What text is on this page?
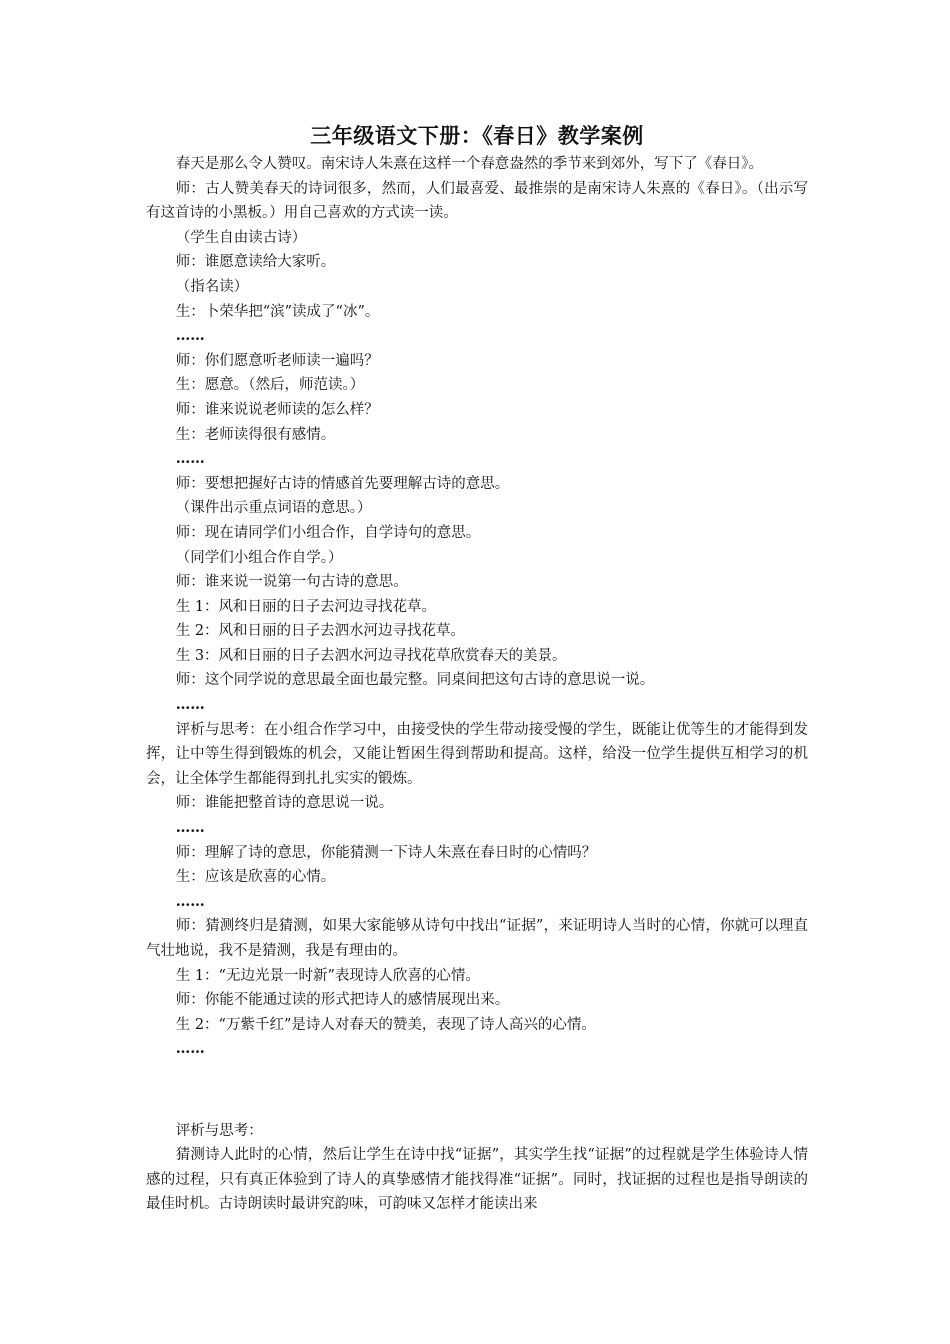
三年级语文下册：《春日》教学案例

春天是那么令人赞叹。南宋诗人朱熹在这样一个春意盎然的季节来到郊外，写下了《春日》。

师：古人赞美春天的诗词很多，然而，人们最喜爱、最推崇的是南宋诗人朱熹的《春日》。（出示写有这首诗的小黑板。）用自己喜欢的方式读一读。

（学生自由读古诗）

师：谁愿意读给大家听。

（指名读）

生：卜荣华把“滨”读成了“冰”。

……

师：你们愿意听老师读一遍吗？

生：愿意。（然后，师范读。）

师：谁来说说老师读的怎么样？

生：老师读得很有感情。

……

师：要想把握好古诗的情感首先要理解古诗的意思。

（课件出示重点词语的意思。）

师：现在请同学们小组合作，自学诗句的意思。

（同学们小组合作自学。）

师：谁来说一说第一句古诗的意思。

生 1：风和日丽的日子去河边寻找花草。

生 2：风和日丽的日子去泗水河边寻找花草。

生 3：风和日丽的日子去泗水河边寻找花草欣赏春天的美景。

师：这个同学说的意思最全面也最完整。同桌间把这句古诗的意思说一说。

……

评析与思考：在小组合作学习中，由接受快的学生带动接受慢的学生，既能让优等生的才能得到发挥，让中等生得到锻炼的机会，又能让暂困生得到帮助和提高。这样，给没一位学生提供互相学习的机会，让全体学生都能得到扎扎实实的锻炼。

师：谁能把整首诗的意思说一说。

……

师：理解了诗的意思，你能猜测一下诗人朱熹在春日时的心情吗？

生：应该是欣喜的心情。

……

师：猜测终归是猜测，如果大家能够从诗句中找出“证据”，来证明诗人当时的心情，你就可以理直气壮地说，我不是猜测，我是有理由的。

生 1：“无边光景一时新”表现诗人欣喜的心情。

师：你能不能通过读的形式把诗人的感情展现出来。

生 2：“万紫千红”是诗人对春天的赞美，表现了诗人高兴的心情。

……

评析与思考：

猜测诗人此时的心情，然后让学生在诗中找“证据”，其实学生找“证据”的过程就是学生体验诗人情感的过程，只有真正体验到了诗人的真挚感情才能找得准“证据”。同时，找证据的过程也是指导朗读的最佳时机。古诗朗读时最讲究韵味，可韵味又怎样才能读出来
